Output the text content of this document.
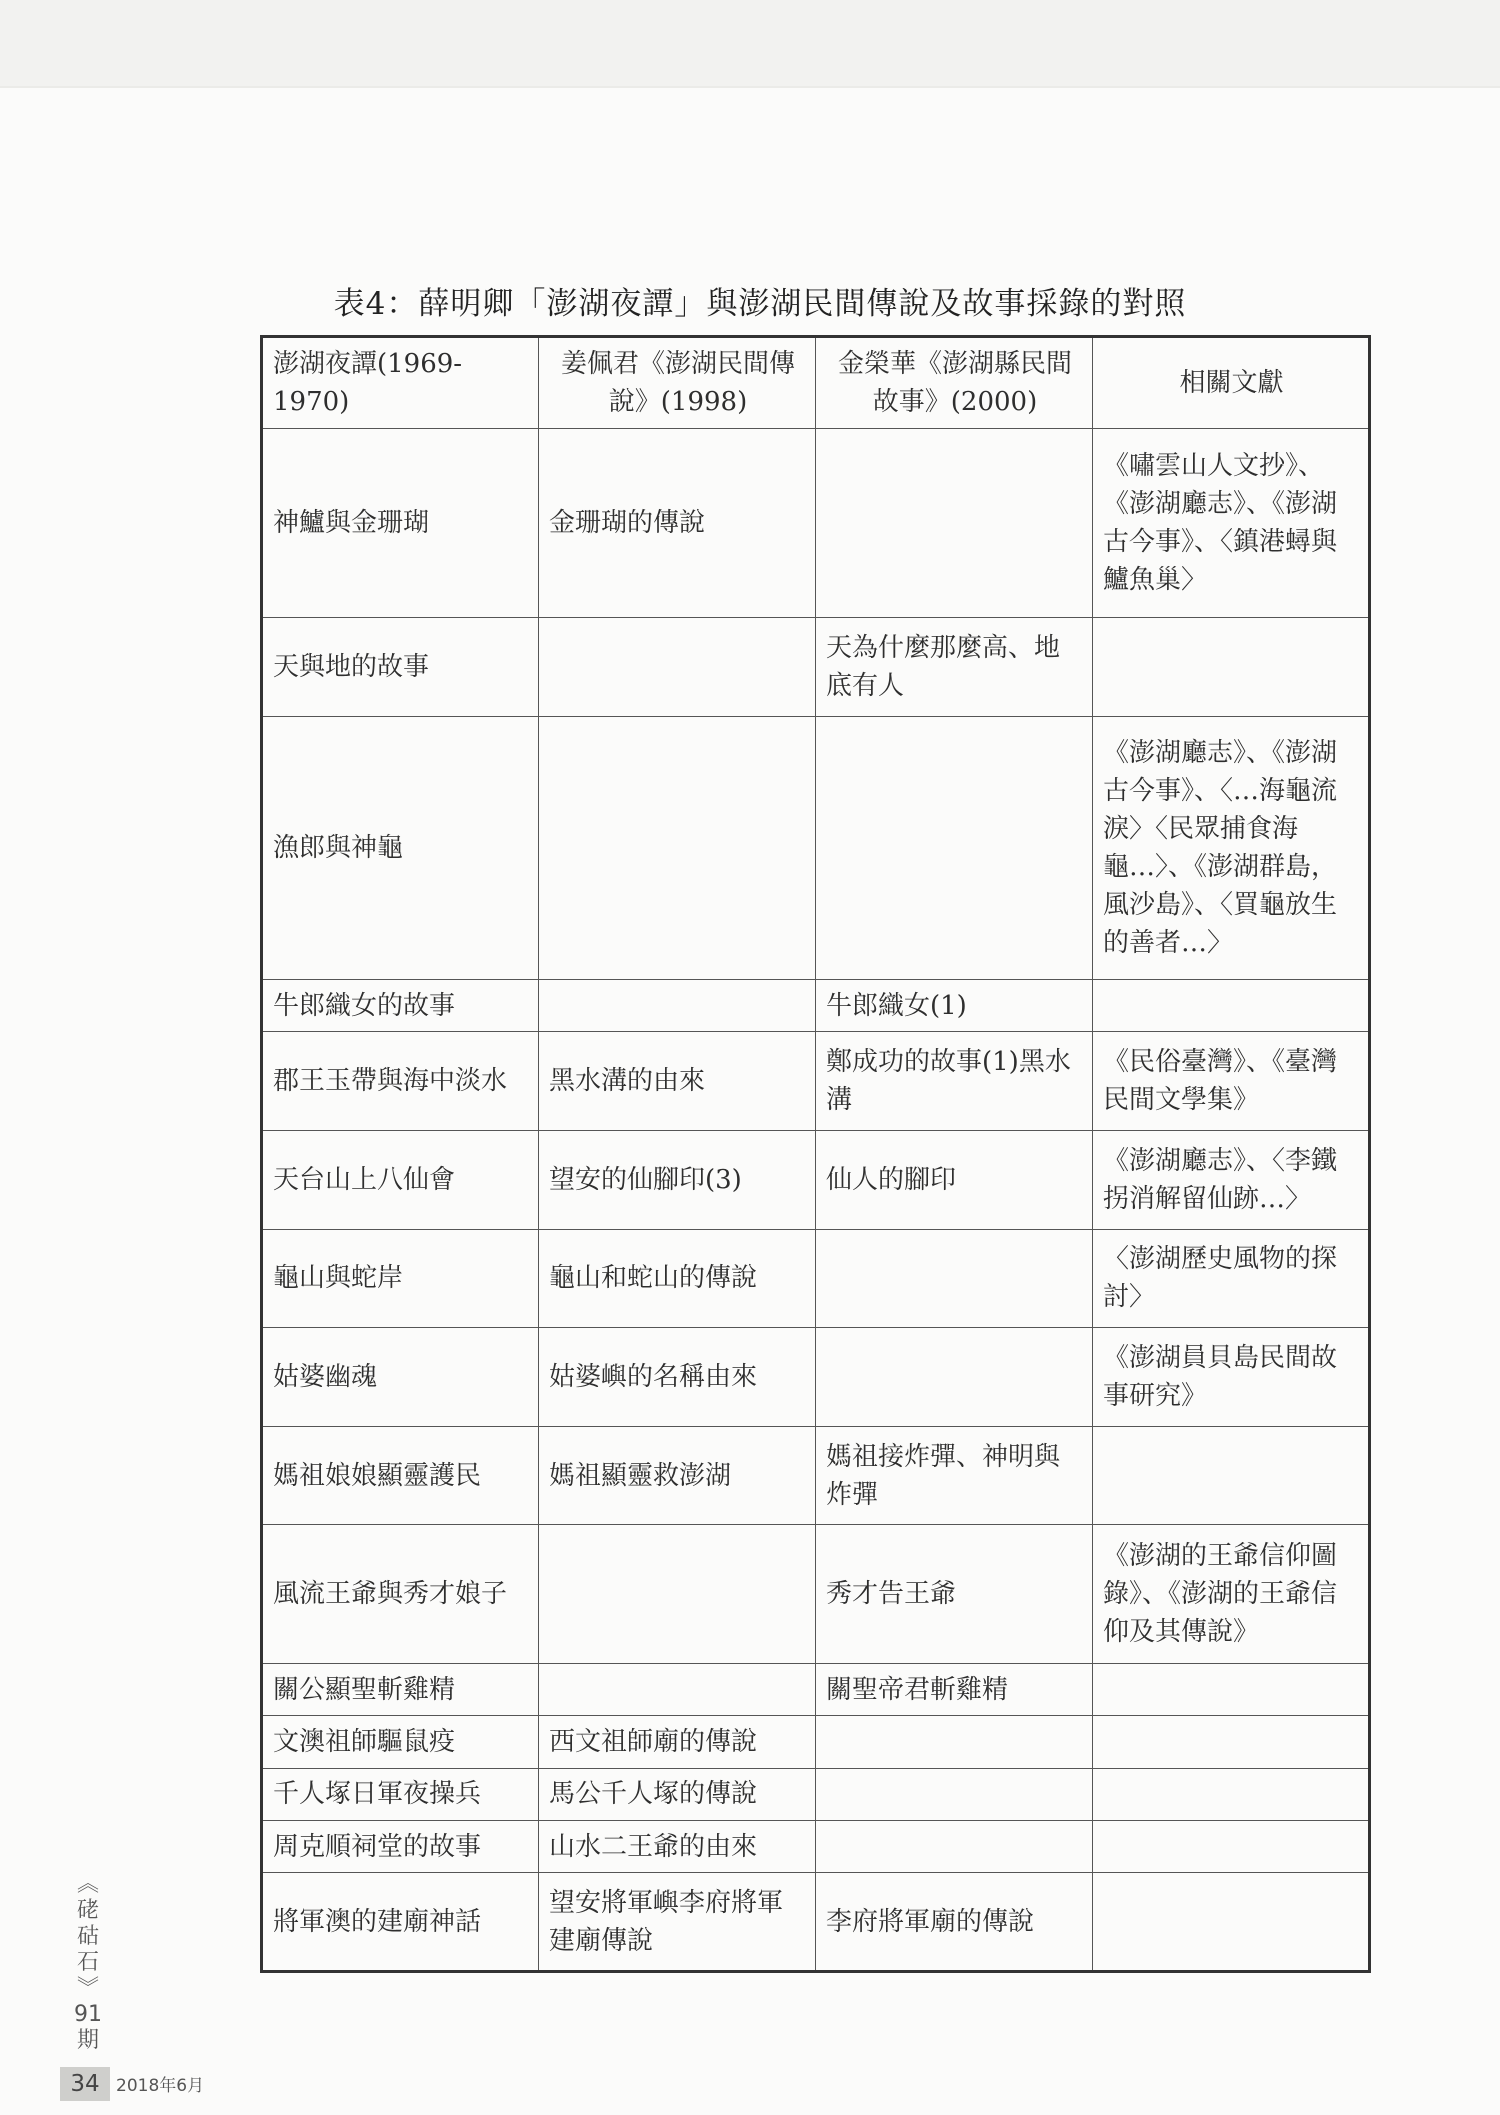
表4：薛明卿「澎湖夜譚」與澎湖民間傳說及故事採錄的對照
澎湖夜譚(1969-1970)	姜佩君《澎湖民間傳說》(1998)	金榮華《澎湖縣民間故事》(2000)	相關文獻
神鱸與金珊瑚	金珊瑚的傳說		《嘯雲山人文抄》、《澎湖廳志》、《澎湖古今事》、〈鎮港蟳與鱸魚巢〉
天與地的故事		天為什麼那麼高、地底有人	
漁郎與神龜			《澎湖廳志》、《澎湖古今事》、〈…海龜流淚〉〈民眾捕食海龜…〉、《澎湖群島，風沙島》、〈買龜放生的善者…〉
牛郎織女的故事		牛郎織女(1)	
郡王玉帶與海中淡水	黑水溝的由來	鄭成功的故事(1)黑水溝	《民俗臺灣》、《臺灣民間文學集》
天台山上八仙會	望安的仙腳印(3)	仙人的腳印	《澎湖廳志》、〈李鐵拐消解留仙跡…〉
龜山與蛇岸	龜山和蛇山的傳說		〈澎湖歷史風物的探討〉
姑婆幽魂	姑婆嶼的名稱由來		《澎湖員貝島民間故事研究》
媽祖娘娘顯靈護民	媽祖顯靈救澎湖	媽祖接炸彈、神明與炸彈	
風流王爺與秀才娘子		秀才告王爺	《澎湖的王爺信仰圖錄》、《澎湖的王爺信仰及其傳說》
關公顯聖斬雞精		關聖帝君斬雞精	
文澳祖師驅鼠疫	西文祖師廟的傳說		
千人塚日軍夜操兵	馬公千人塚的傳說		
周克順祠堂的故事	山水二王爺的由來		
將軍澳的建廟神話	望安將軍嶼李府將軍建廟傳說	李府將軍廟的傳說	
︽
硓
𥑮
石
︾
91
期
34 2018年6月
